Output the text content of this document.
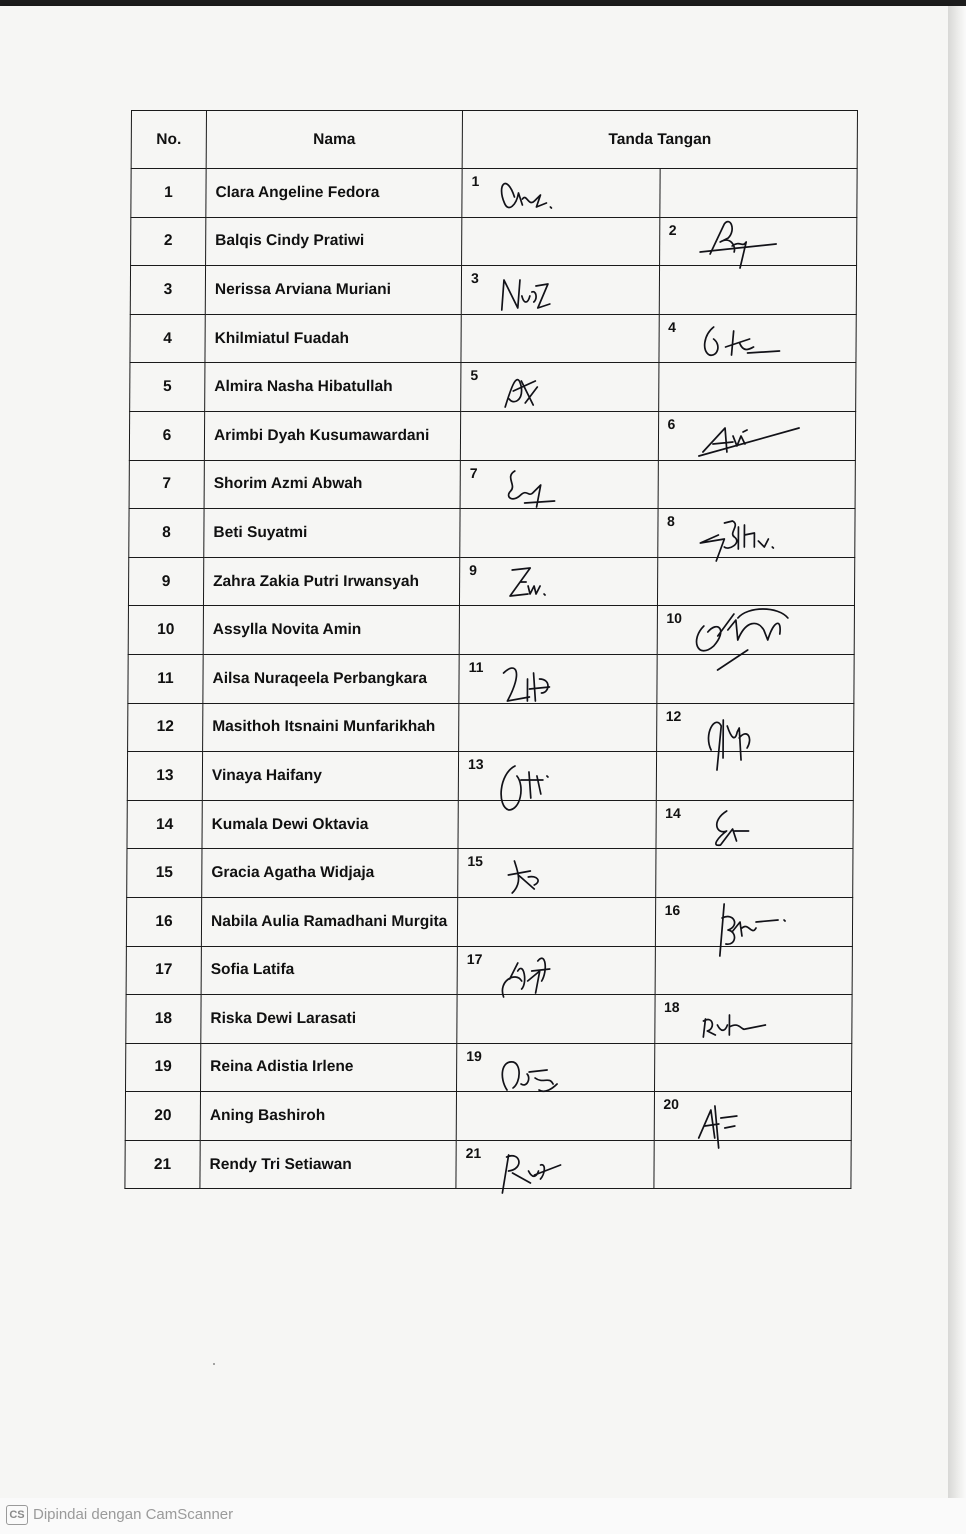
No.	Nama	Tanda Tangan	
1	Clara Angeline Fedora	1	

2	Balqis Cindy Pratiwi		2

3	Nerissa Arviana Muriani	3	

4	Khilmiatul Fuadah		4

5	Almira Nasha Hibatullah	5	

6	Arimbi Dyah Kusumawardani		6

7	Shorim Azmi Abwah	7	

8	Beti Suyatmi		8

9	Zahra Zakia Putri Irwansyah	9	

10	Assylla Novita Amin		10

11	Ailsa Nuraqeela Perbangkara	11	

12	Masithoh Itsnaini Munfarikhah		12

13	Vinaya Haifany	13	

14	Kumala Dewi Oktavia		14

15	Gracia Agatha Widjaja	15	

16	Nabila Aulia Ramadhani Murgita		16

17	Sofia Latifa	17	

18	Riska Dewi Larasati		18

19	Reina Adistia Irlene	19	

20	Aning Bashiroh		20

21	Rendy Tri Setiawan	21	

CS Dipindai dengan CamScanner
